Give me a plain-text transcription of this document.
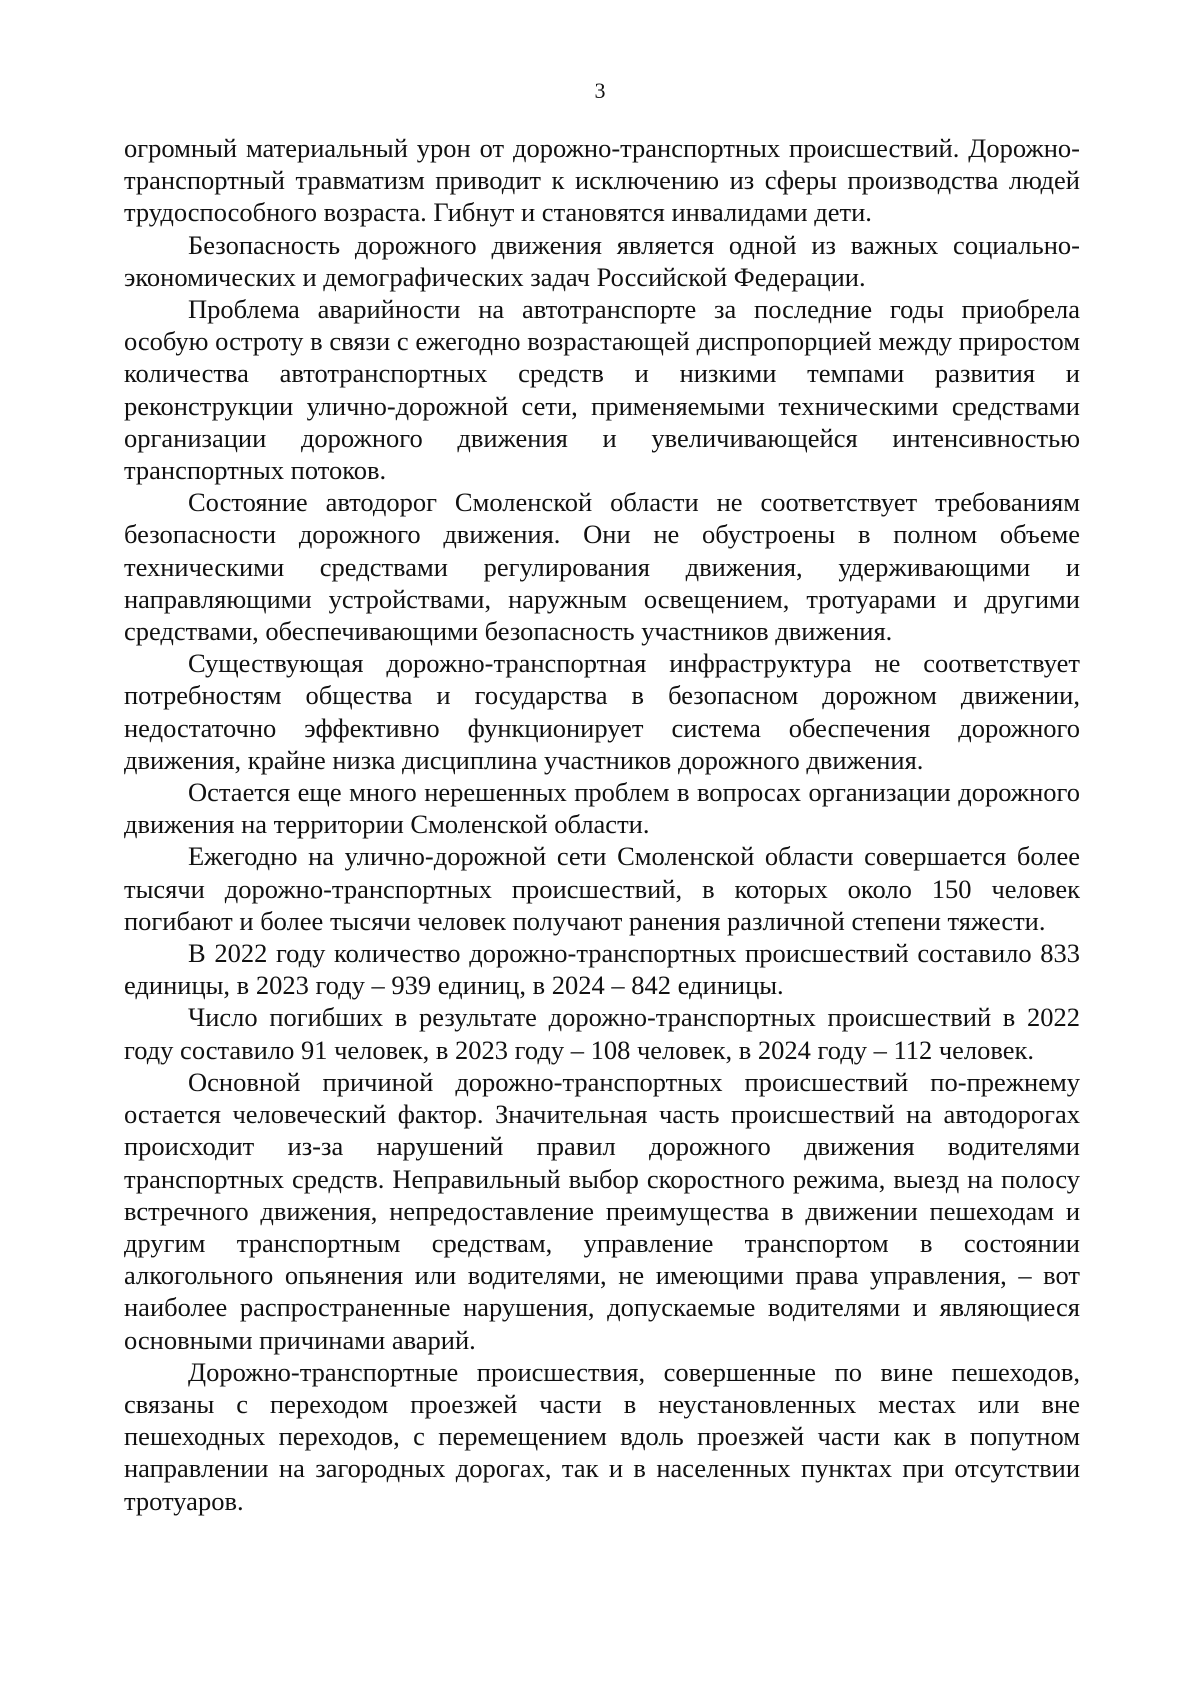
3

огромный материальный урон от дорожно-транспортных происшествий. Дорожно-транспортный травматизм приводит к исключению из сферы производства людей трудоспособного возраста. Гибнут и становятся инвалидами дети.

Безопасность дорожного движения является одной из важных социально-экономических и демографических задач Российской Федерации.

Проблема аварийности на автотранспорте за последние годы приобрела особую остроту в связи с ежегодно возрастающей диспропорцией между приростом количества автотранспортных средств и низкими темпами развития и реконструкции улично-дорожной сети, применяемыми техническими средствами организации дорожного движения и увеличивающейся интенсивностью транспортных потоков.

Состояние автодорог Смоленской области не соответствует требованиям безопасности дорожного движения. Они не обустроены в полном объеме техническими средствами регулирования движения, удерживающими и направляющими устройствами, наружным освещением, тротуарами и другими средствами, обеспечивающими безопасность участников движения.

Существующая дорожно-транспортная инфраструктура не соответствует потребностям общества и государства в безопасном дорожном движении, недостаточно эффективно функционирует система обеспечения дорожного движения, крайне низка дисциплина участников дорожного движения.

Остается еще много нерешенных проблем в вопросах организации дорожного движения на территории Смоленской области.

Ежегодно на улично-дорожной сети Смоленской области совершается более тысячи дорожно-транспортных происшествий, в которых около 150 человек погибают и более тысячи человек получают ранения различной степени тяжести.

В 2022 году количество дорожно-транспортных происшествий составило 833 единицы, в 2023 году – 939 единиц, в 2024 – 842 единицы.

Число погибших в результате дорожно-транспортных происшествий в 2022 году составило 91 человек, в 2023 году – 108 человек, в 2024 году – 112 человек.

Основной причиной дорожно-транспортных происшествий по-прежнему остается человеческий фактор. Значительная часть происшествий на автодорогах происходит из-за нарушений правил дорожного движения водителями транспортных средств. Неправильный выбор скоростного режима, выезд на полосу встречного движения, непредоставление преимущества в движении пешеходам и другим транспортным средствам, управление транспортом в состоянии алкогольного опьянения или водителями, не имеющими права управления, – вот наиболее распространенные нарушения, допускаемые водителями и являющиеся основными причинами аварий.

Дорожно-транспортные происшествия, совершенные по вине пешеходов, связаны с переходом проезжей части в неустановленных местах или вне пешеходных переходов, с перемещением вдоль проезжей части как в попутном направлении на загородных дорогах, так и в населенных пунктах при отсутствии тротуаров.
